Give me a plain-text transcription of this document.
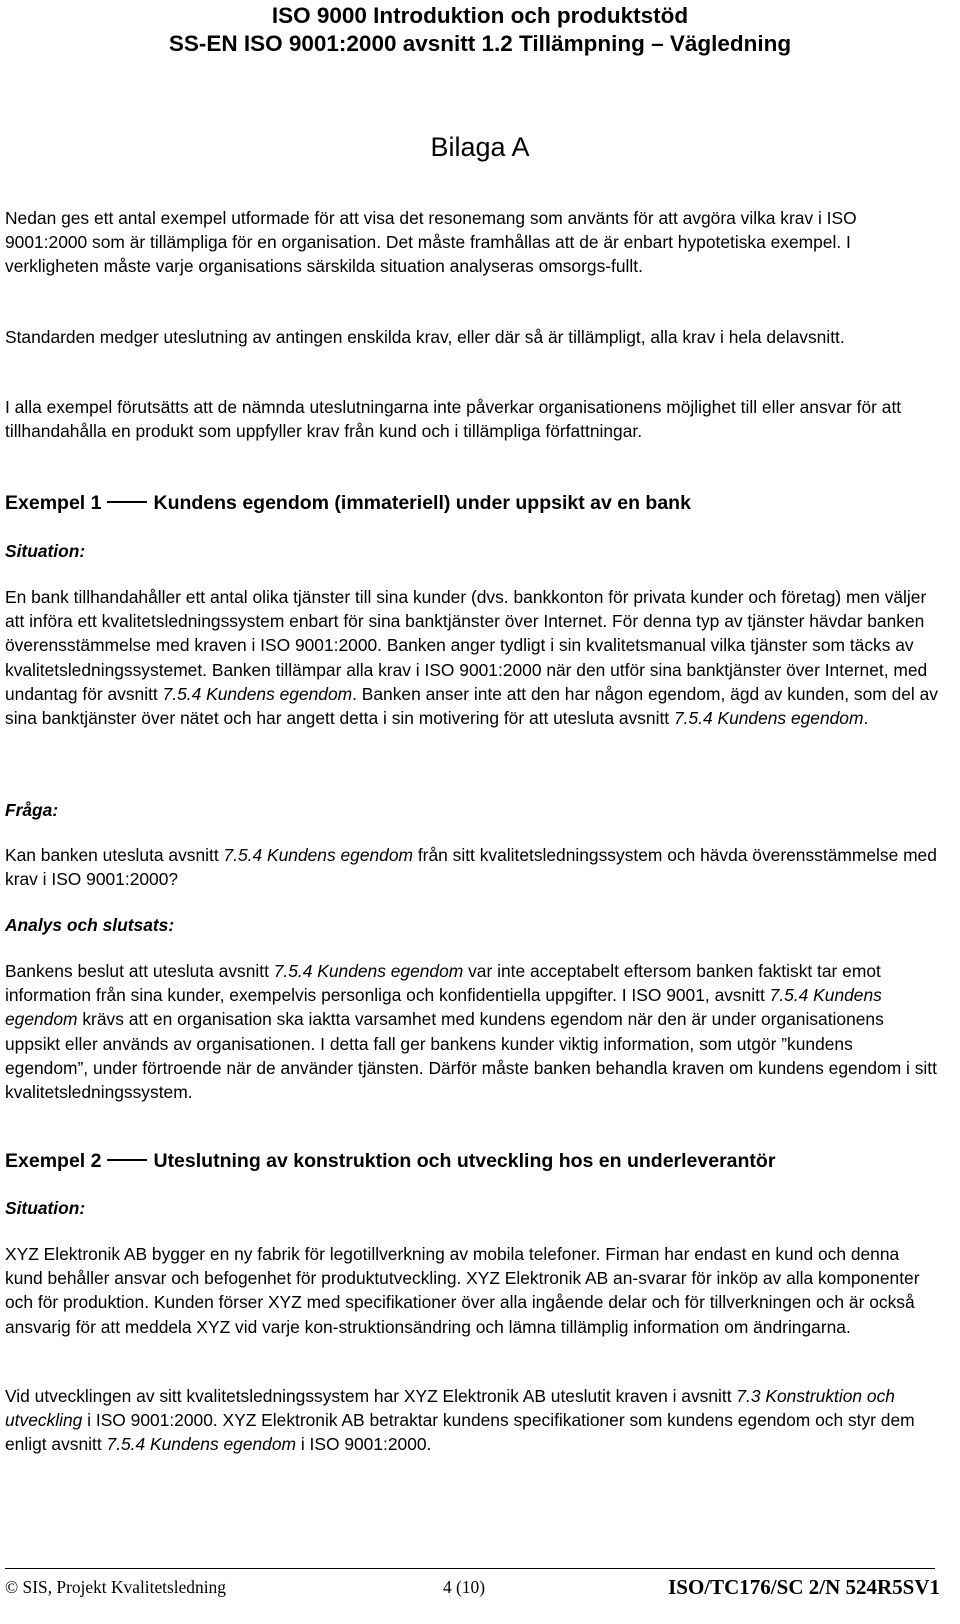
ISO 9000 Introduktion och produktstöd
SS-EN ISO 9001:2000 avsnitt 1.2 Tillämpning – Vägledning
Bilaga A

Nedan ges ett antal exempel utformade för att visa det resonemang som använts för att avgöra vilka krav i ISO 9001:2000 som är tillämpliga för en organisation. Det måste framhållas att de är enbart hypotetiska exempel. I verkligheten måste varje organisations särskilda situation analyseras omsorgs-fullt.

Standarden medger uteslutning av antingen enskilda krav, eller där så är tillämpligt, alla krav i hela delavsnitt.

I alla exempel förutsätts att de nämnda uteslutningarna inte påverkar organisationens möjlighet till eller ansvar för att tillhandahålla en produkt som uppfyller krav från kund och i tillämpliga författningar.

Exempel 1	Kundens egendom (immateriell) under uppsikt av en bank
Situation:

En bank tillhandahåller ett antal olika tjänster till sina kunder (dvs. bankkonton för privata kunder och företag) men väljer att införa ett kvalitetsledningssystem enbart för sina banktjänster över Internet. För denna typ av tjänster hävdar banken överensstämmelse med kraven i ISO 9001:2000. Banken anger tydligt i sin kvalitetsmanual vilka tjänster som täcks av kvalitetsledningssystemet. Banken tillämpar alla krav i ISO 9001:2000 när den utför sina banktjänster över Internet, med undantag för avsnitt 7.5.4 Kundens egendom. Banken anser inte att den har någon egendom, ägd av kunden, som del av sina banktjänster över nätet och har angett detta i sin motivering för att utesluta avsnitt 7.5.4 Kundens egendom.

Fråga:

Kan banken utesluta avsnitt 7.5.4 Kundens egendom från sitt kvalitetsledningssystem och hävda överensstämmelse med krav i ISO 9001:2000?

Analys och slutsats:

Bankens beslut att utesluta avsnitt 7.5.4 Kundens egendom var inte acceptabelt eftersom banken faktiskt tar emot information från sina kunder, exempelvis personliga och konfidentiella uppgifter. I ISO 9001, avsnitt 7.5.4 Kundens egendom krävs att en organisation ska iaktta varsamhet med kundens egendom när den är under organisationens uppsikt eller används av organisationen. I detta fall ger bankens kunder viktig information, som utgör ”kundens egendom”, under förtroende när de använder tjänsten. Därför måste banken behandla kraven om kundens egendom i sitt kvalitetsledningssystem.

Exempel 2	Uteslutning av konstruktion och utveckling hos en underleverantör
Situation:

XYZ Elektronik AB bygger en ny fabrik för legotillverkning av mobila telefoner. Firman har endast en kund och denna kund behåller ansvar och befogenhet för produktutveckling. XYZ Elektronik AB an-svarar för inköp av alla komponenter och för produktion. Kunden förser XYZ med specifikationer över alla ingående delar och för tillverkningen och är också ansvarig för att meddela XYZ vid varje kon-struktionsändring och lämna tillämplig information om ändringarna.

Vid utvecklingen av sitt kvalitetsledningssystem har XYZ Elektronik AB uteslutit kraven i avsnitt 7.3 Konstruktion och utveckling i ISO 9001:2000. XYZ Elektronik AB betraktar kundens specifikationer som kundens egendom och styr dem enligt avsnitt 7.5.4 Kundens egendom i ISO 9001:2000.

© SIS, Projekt Kvalitetsledning	4 (10)	ISO/TC176/SC 2/N 524R5SV1
